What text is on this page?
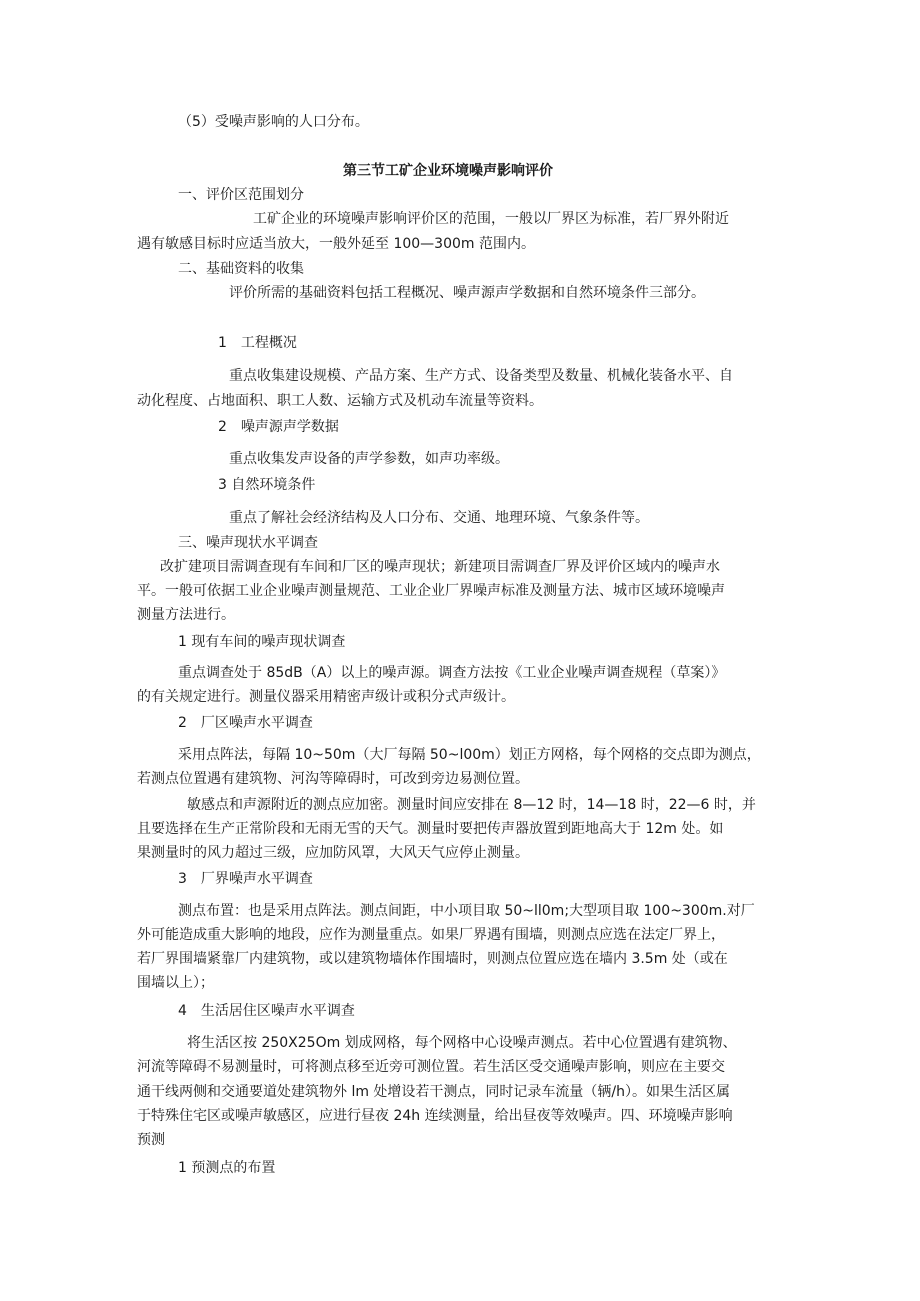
（5）受噪声影响的人口分布。
第三节工矿企业环境噪声影响评价
一、评价区范围划分
工矿企业的环境噪声影响评价区的范围，一般以厂界区为标准，若厂界外附近
遇有敏感目标时应适当放大，一般外延至 100—300m 范围内。
二、基础资料的收集
评价所需的基础资料包括工程概况、噪声源声学数据和自然环境条件三部分。
1　工程概况
重点收集建设规模、产品方案、生产方式、设备类型及数量、机械化装备水平、自
动化程度、占地面积、职工人数、运输方式及机动车流量等资料。
2　噪声源声学数据
重点收集发声设备的声学参数，如声功率级。
3 自然环境条件
重点了解社会经济结构及人口分布、交通、地理环境、气象条件等。
三、噪声现状水平调查
改扩建项目需调查现有车间和厂区的噪声现状；新建项目需调查厂界及评价区域内的噪声水
平。一般可依据工业企业噪声测量规范、工业企业厂界噪声标准及测量方法、城市区域环境噪声
测量方法进行。
1 现有车间的噪声现状调查
重点调查处于 85dB（A）以上的噪声源。调查方法按《工业企业噪声调查规程（草案）》
的有关规定进行。测量仪器采用精密声级计或积分式声级计。
2　厂区噪声水平调查
采用点阵法，每隔 10~50m（大厂每隔 50~l00m）划正方网格，每个网格的交点即为测点，
若测点位置遇有建筑物、河沟等障碍时，可改到旁边易测位置。
敏感点和声源附近的测点应加密。测量时间应安排在 8—12 时，14—18 时，22—6 时，并
且要选择在生产正常阶段和无雨无雪的天气。测量时要把传声器放置到距地高大于 12m 处。如
果测量时的风力超过三级，应加防风罩，大风天气应停止测量。
3　厂界噪声水平调查
测点布置：也是采用点阵法。测点间距，中小项目取 50~ll0m;大型项目取 100~300m.对厂
外可能造成重大影响的地段，应作为测量重点。如果厂界遇有围墙，则测点应选在法定厂界上，
若厂界围墙紧靠厂内建筑物，或以建筑物墙体作围墙时，则测点位置应选在墙内 3.5m 处（或在
围墙以上）；
4　生活居住区噪声水平调查
将生活区按 250X25Om 划成网格，每个网格中心设噪声测点。若中心位置遇有建筑物、
河流等障碍不易测量时，可将测点移至近旁可测位置。若生活区受交通噪声影响，则应在主要交
通干线两侧和交通要道处建筑物外 lm 处增设若干测点，同时记录车流量（辆/h）。如果生活区属
于特殊住宅区或噪声敏感区，应进行昼夜 24h 连续测量，给出昼夜等效噪声。四、环境噪声影响
预测
1 预测点的布置
